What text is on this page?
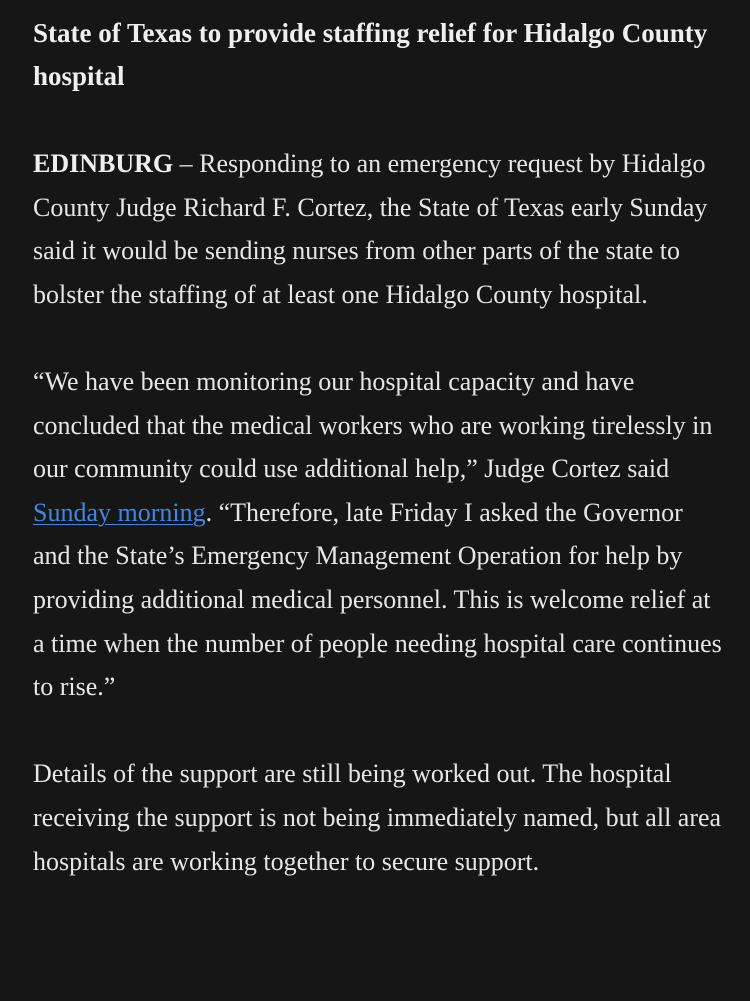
State of Texas to provide staffing relief for Hidalgo County hospital

EDINBURG – Responding to an emergency request by Hidalgo County Judge Richard F. Cortez, the State of Texas early Sunday said it would be sending nurses from other parts of the state to bolster the staffing of at least one Hidalgo County hospital.

“We have been monitoring our hospital capacity and have concluded that the medical workers who are working tirelessly in our community could use additional help,” Judge Cortez said Sunday morning. “Therefore, late Friday I asked the Governor and the State’s Emergency Management Operation for help by providing additional medical personnel. This is welcome relief at a time when the number of people needing hospital care continues to rise.”

Details of the support are still being worked out. The hospital receiving the support is not being immediately named, but all area hospitals are working together to secure support.
